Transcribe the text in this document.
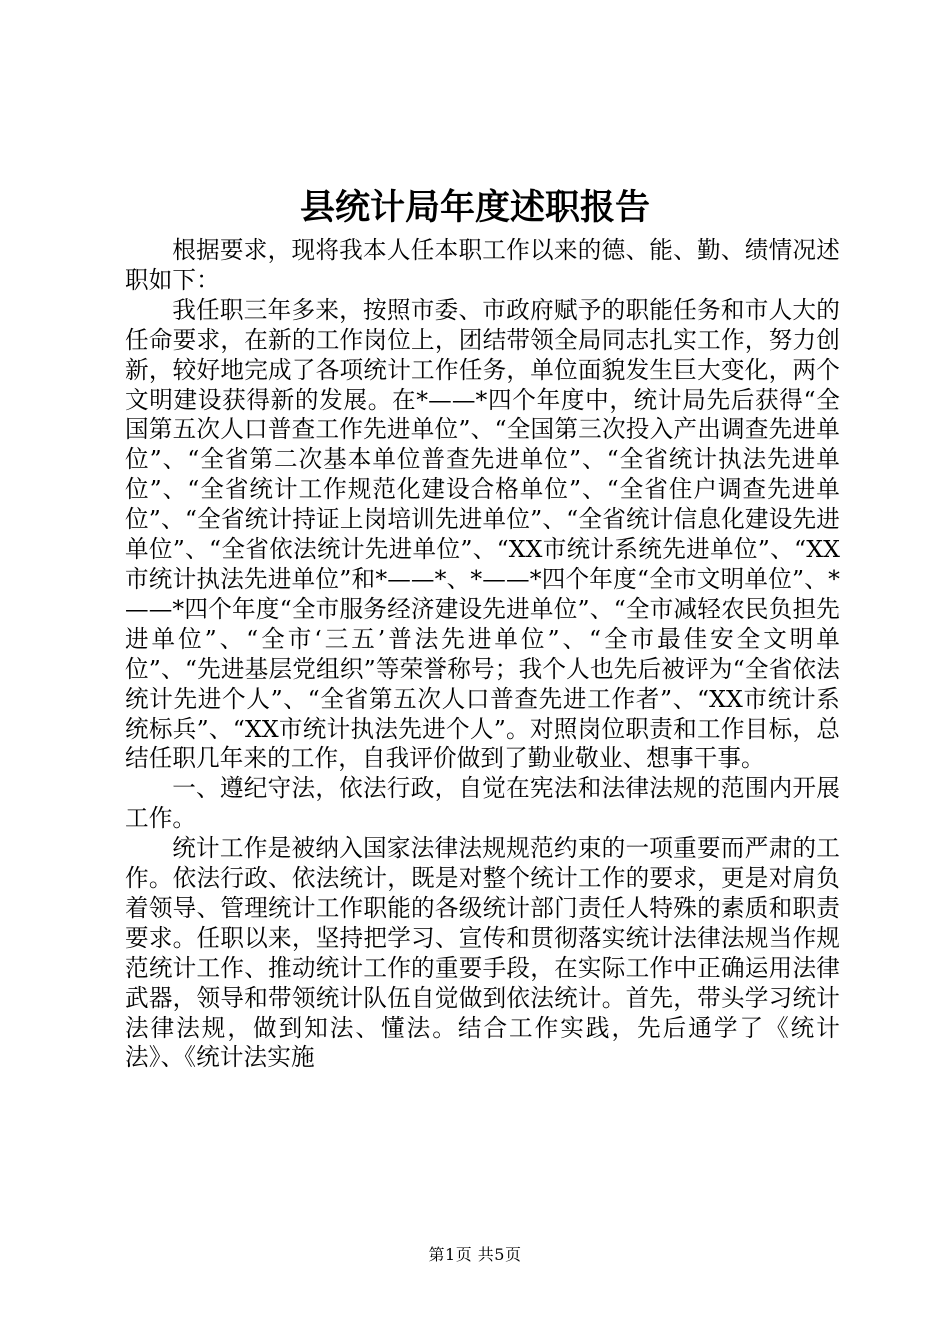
县统计局年度述职报告

根据要求，现将我本人任本职工作以来的德、能、勤、绩情况述职如下：

我任职三年多来，按照市委、市政府赋予的职能任务和市人大的任命要求，在新的工作岗位上，团结带领全局同志扎实工作，努力创新，较好地完成了各项统计工作任务，单位面貌发生巨大变化，两个文明建设获得新的发展。在*——*四个年度中，统计局先后获得“全国第五次人口普查工作先进单位”、“全国第三次投入产出调查先进单位”、“全省第二次基本单位普查先进单位”、“全省统计执法先进单位”、“全省统计工作规范化建设合格单位”、“全省住户调查先进单位”、“全省统计持证上岗培训先进单位”、“全省统计信息化建设先进单位”、“全省依法统计先进单位”、“XX市统计系统先进单位”、“XX市统计执法先进单位”和*——*、*——*四个年度“全市文明单位”、*——*四个年度“全市服务经济建设先进单位”、“全市减轻农民负担先进单位”、“全市‘三五’普法先进单位”、“全市最佳安全文明单位”、“先进基层党组织”等荣誉称号；我个人也先后被评为“全省依法统计先进个人”、“全省第五次人口普查先进工作者”、“XX市统计系统标兵”、“XX市统计执法先进个人”。对照岗位职责和工作目标，总结任职几年来的工作，自我评价做到了勤业敬业、想事干事。

一、遵纪守法，依法行政，自觉在宪法和法律法规的范围内开展工作。

统计工作是被纳入国家法律法规规范约束的一项重要而严肃的工作。依法行政、依法统计，既是对整个统计工作的要求，更是对肩负着领导、管理统计工作职能的各级统计部门责任人特殊的素质和职责要求。任职以来，坚持把学习、宣传和贯彻落实统计法律法规当作规范统计工作、推动统计工作的重要手段，在实际工作中正确运用法律武器，领导和带领统计队伍自觉做到依法统计。首先，带头学习统计法律法规，做到知法、懂法。结合工作实践，先后通学了《统计法》、《统计法实施

第1页 共5页
